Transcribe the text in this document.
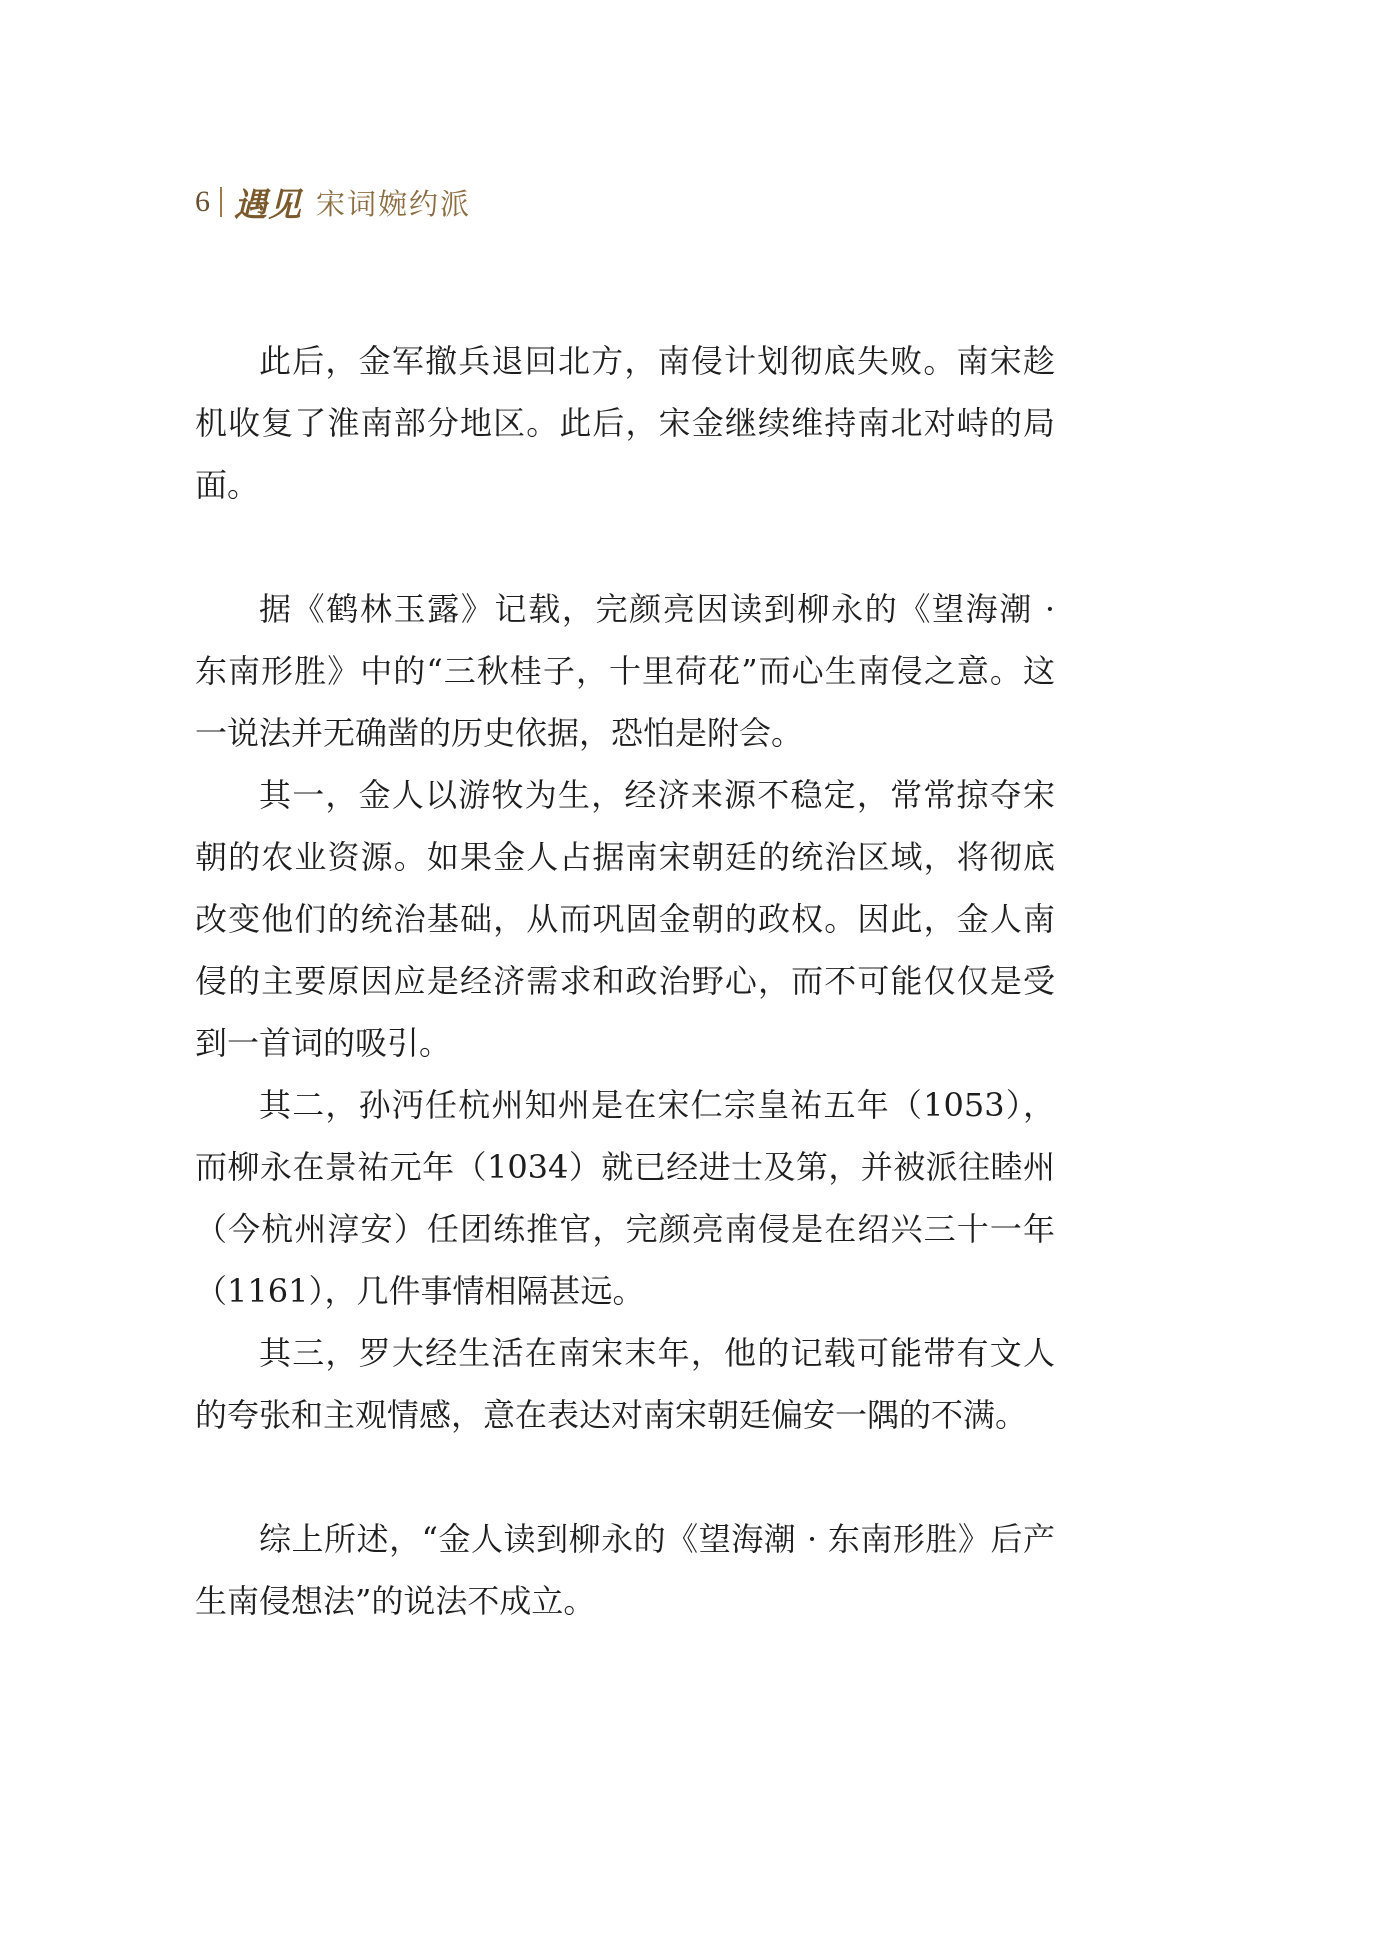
6 遇见 宋词婉约派

此后，金军撤兵退回北方，南侵计划彻底失败。南宋趁机收复了淮南部分地区。此后，宋金继续维持南北对峙的局面。

据《鹤林玉露》记载，完颜亮因读到柳永的《望海潮 · 东南形胜》中的“三秋桂子，十里荷花”而心生南侵之意。这一说法并无确凿的历史依据，恐怕是附会。

其一，金人以游牧为生，经济来源不稳定，常常掠夺宋朝的农业资源。如果金人占据南宋朝廷的统治区域，将彻底改变他们的统治基础，从而巩固金朝的政权。因此，金人南侵的主要原因应是经济需求和政治野心，而不可能仅仅是受到一首词的吸引。

其二，孙沔任杭州知州是在宋仁宗皇祐五年（1053），而柳永在景祐元年（1034）就已经进士及第，并被派往睦州（今杭州淳安）任团练推官，完颜亮南侵是在绍兴三十一年（1161），几件事情相隔甚远。

其三，罗大经生活在南宋末年，他的记载可能带有文人的夸张和主观情感，意在表达对南宋朝廷偏安一隅的不满。

综上所述，“金人读到柳永的《望海潮 · 东南形胜》后产生南侵想法”的说法不成立。
